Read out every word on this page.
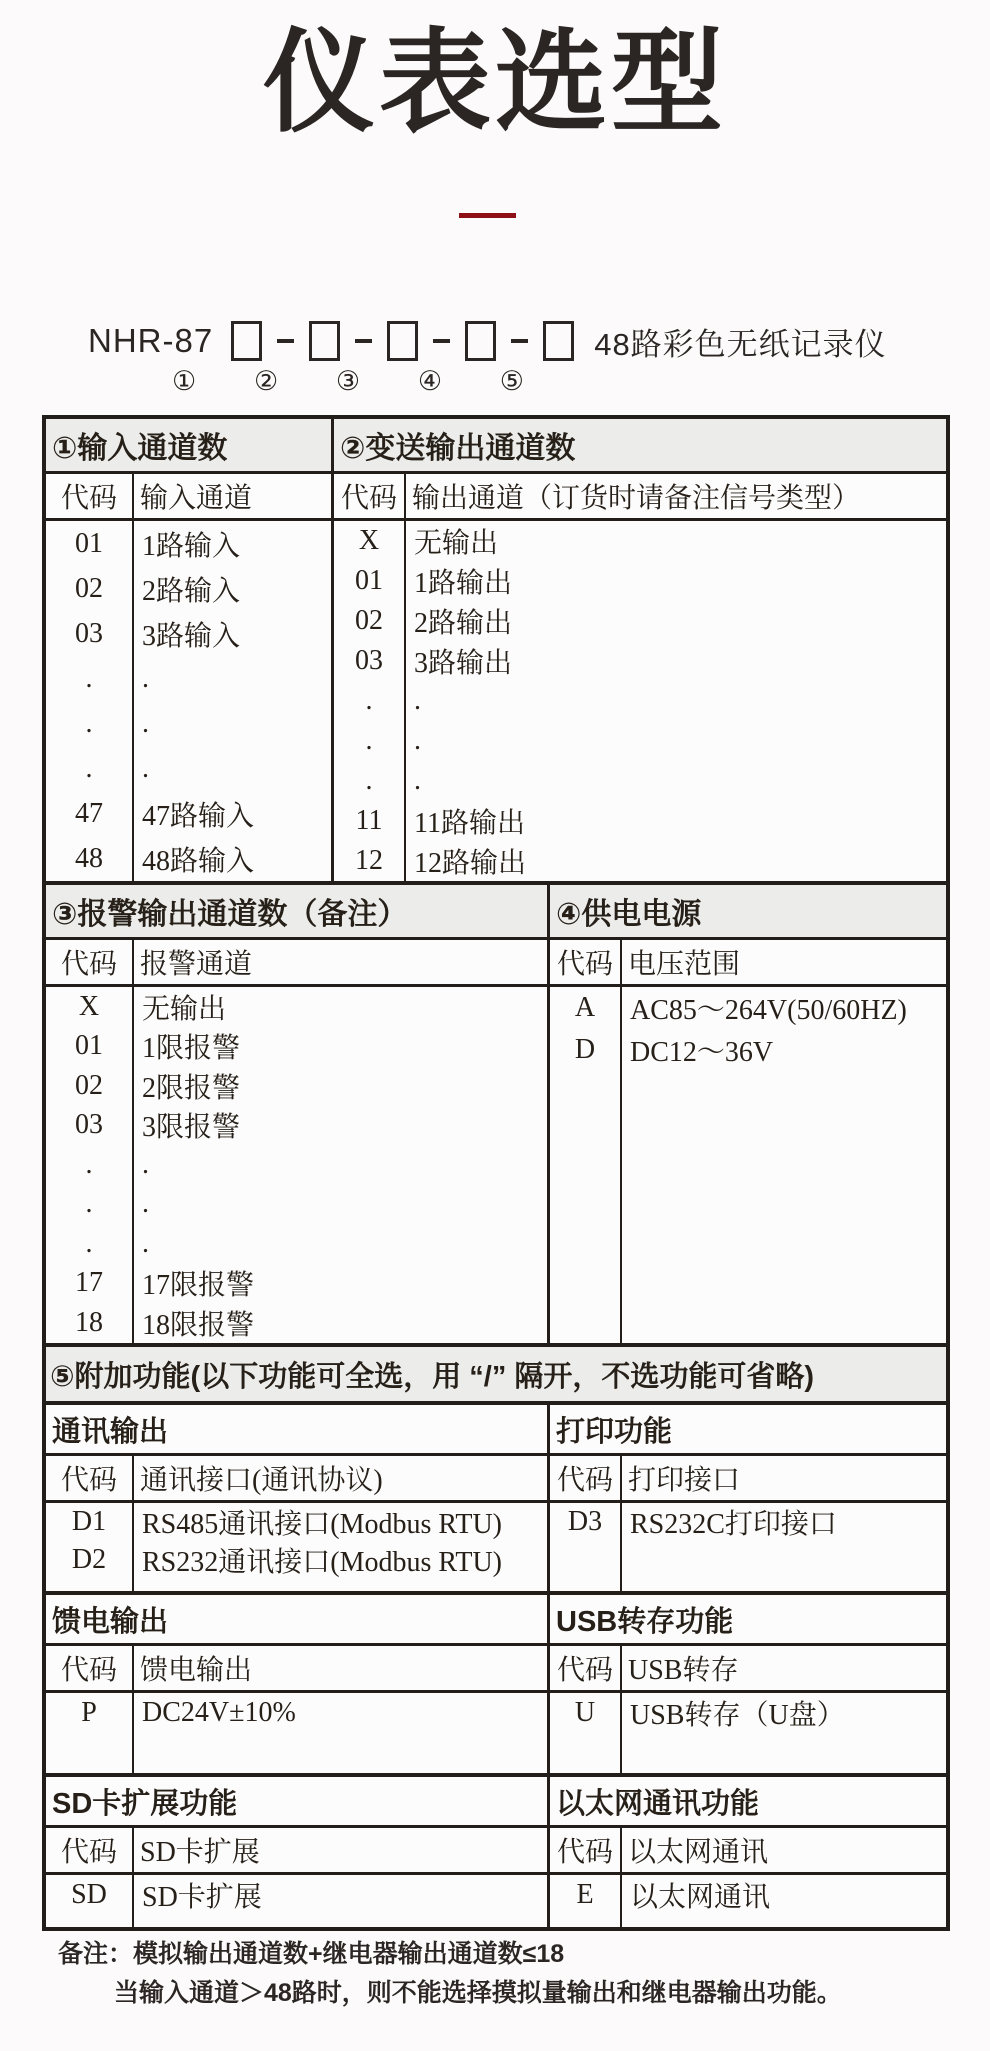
仪表选型
NHR-87	48路彩色无纸记录仪
① ② ③ ④ ⑤
①输入通道数
代码 输入通道
01	1路输入
02	2路输入
03	3路输入
.	.
.	.
.	.
47	47路输入
48	48路输入
②变送输出通道数
代码 输出通道（订货时请备注信号类型）
X	无输出
01	1路输出
02	2路输出
03	3路输出
.	.
.	.
.	.
11	11路输出
12	12路输出
③报警输出通道数（备注）
代码 报警通道
X	无输出
01	1限报警
02	2限报警
03	3限报警
.	.
.	.
.	.
17	17限报警
18	18限报警
④供电电源
代码 电压范围
A	AC85～264V(50/60HZ)
D	DC12～36V
⑤附加功能(以下功能可全选，用 “/” 隔开，不选功能可省略)
通讯输出
代码 通讯接口(通讯协议)
D1	RS485通讯接口(Modbus RTU)
D2	RS232通讯接口(Modbus RTU)
打印功能
代码 打印接口
D3 RS232C打印接口
馈电输出
代码 馈电输出
P	DC24V±10%
USB转存功能
代码 USB转存
U	USB转存（U盘）
SD卡扩展功能
代码 SD卡扩展
SD	SD卡扩展
以太网通讯功能
代码 以太网通讯
E	以太网通讯
备注：模拟输出通道数+继电器输出通道数≤18
当输入通道＞48路时，则不能选择摸拟量输出和继电器输出功能。
